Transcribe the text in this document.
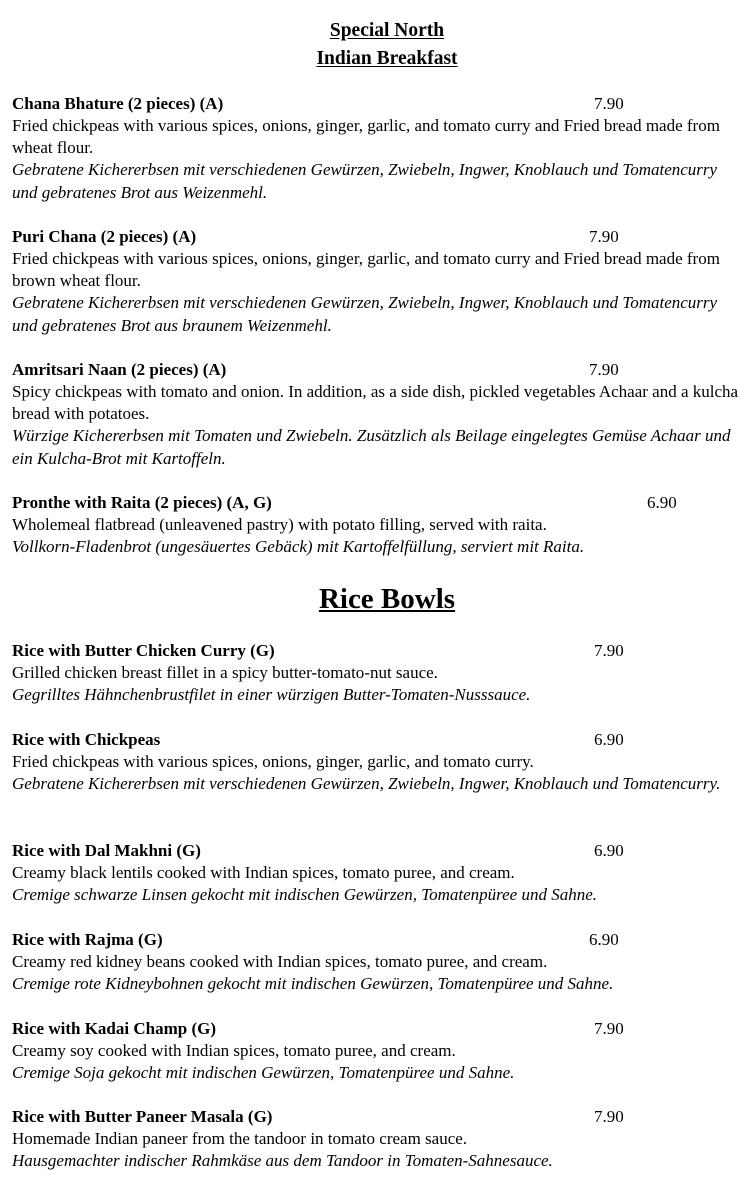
Special North

Indian Breakfast

Chana Bhature (2 pieces) (A)	7.90

Fried chickpeas with various spices, onions, ginger, garlic, and tomato curry and Fried bread made from wheat flour.

Gebratene Kichererbsen mit verschiedenen Gewürzen, Zwiebeln, Ingwer, Knoblauch und Tomatencurry und gebratenes Brot aus Weizenmehl.

Puri Chana (2 pieces) (A)	7.90

Fried chickpeas with various spices, onions, ginger, garlic, and tomato curry and Fried bread made from brown wheat flour.

Gebratene Kichererbsen mit verschiedenen Gewürzen, Zwiebeln, Ingwer, Knoblauch und Tomatencurry und gebratenes Brot aus braunem Weizenmehl.

Amritsari Naan (2 pieces) (A)	7.90

Spicy chickpeas with tomato and onion. In addition, as a side dish, pickled vegetables Achaar and a kulcha bread with potatoes.

Würzige Kichererbsen mit Tomaten und Zwiebeln. Zusätzlich als Beilage eingelegtes Gemüse Achaar und ein Kulcha-Brot mit Kartoffeln.

Pronthe with Raita (2 pieces) (A, G)	6.90

Wholemeal flatbread (unleavened pastry) with potato filling, served with raita.

Vollkorn-Fladenbrot (ungesäuertes Gebäck) mit Kartoffelfüllung, serviert mit Raita.

Rice Bowls

Rice with Butter Chicken Curry (G)	7.90

Grilled chicken breast fillet in a spicy butter-tomato-nut sauce.

Gegrilltes Hähnchenbrustfilet in einer würzigen Butter-Tomaten-Nusssauce.

Rice with Chickpeas	6.90

Fried chickpeas with various spices, onions, ginger, garlic, and tomato curry.

Gebratene Kichererbsen mit verschiedenen Gewürzen, Zwiebeln, Ingwer, Knoblauch und Tomatencurry.

Rice with Dal Makhni (G)	6.90

Creamy black lentils cooked with Indian spices, tomato puree, and cream.

Cremige schwarze Linsen gekocht mit indischen Gewürzen, Tomatenpüree und Sahne.

Rice with Rajma (G)	6.90

Creamy red kidney beans cooked with Indian spices, tomato puree, and cream.

Cremige rote Kidneybohnen gekocht mit indischen Gewürzen, Tomatenpüree und Sahne.

Rice with Kadai Champ (G)	7.90

Creamy soy cooked with Indian spices, tomato puree, and cream.

Cremige Soja gekocht mit indischen Gewürzen, Tomatenpüree und Sahne.

Rice with Butter Paneer Masala (G)	7.90

Homemade Indian paneer from the tandoor in tomato cream sauce.

Hausgemachter indischer Rahmkäse aus dem Tandoor in Tomaten-Sahnesauce.
